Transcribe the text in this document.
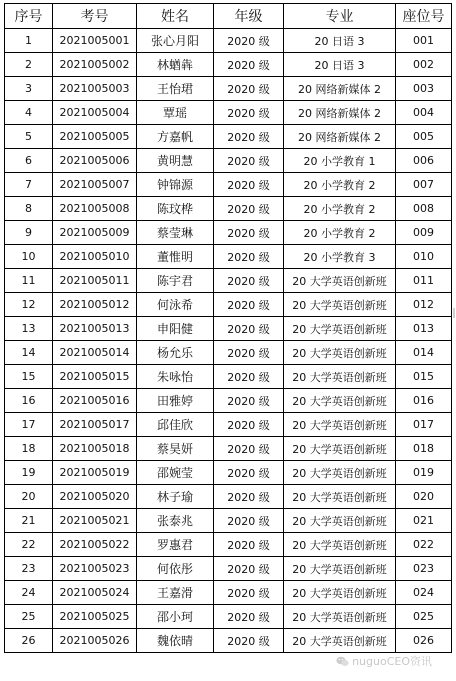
序号	考号	姓名	年级	专业	座位号
1	2021005001	张心月阳	2020 级	20 日语 3	001
2	2021005002	林蝤犇	2020 级	20 日语 3	002
3	2021005003	王怡珺	2020 级	20 网络新媒体 2	003
4	2021005004	覃瑶	2020 级	20 网络新媒体 2	004
5	2021005005	方嘉帆	2020 级	20 网络新媒体 2	005
6	2021005006	黄明慧	2020 级	20 小学教育 1	006
7	2021005007	钟锦源	2020 级	20 小学教育 2	007
8	2021005008	陈玟桦	2020 级	20 小学教育 2	008
9	2021005009	蔡莹琳	2020 级	20 小学教育 2	009
10	2021005010	董惟明	2020 级	20 小学教育 3	010
11	2021005011	陈宇君	2020 级	20 大学英语创新班	011
12	2021005012	何泳希	2020 级	20 大学英语创新班	012
13	2021005013	申阳健	2020 级	20 大学英语创新班	013
14	2021005014	杨允乐	2020 级	20 大学英语创新班	014
15	2021005015	朱咏怡	2020 级	20 大学英语创新班	015
16	2021005016	田雅婷	2020 级	20 大学英语创新班	016
17	2021005017	邱佳欣	2020 级	20 大学英语创新班	017
18	2021005018	蔡昊妍	2020 级	20 大学英语创新班	018
19	2021005019	邵婉莹	2020 级	20 大学英语创新班	019
20	2021005020	林子瑜	2020 级	20 大学英语创新班	020
21	2021005021	张泰兆	2020 级	20 大学英语创新班	021
22	2021005022	罗惠君	2020 级	20 大学英语创新班	022
23	2021005023	何依彤	2020 级	20 大学英语创新班	023
24	2021005024	王嘉滑	2020 级	20 大学英语创新班	024
25	2021005025	邵小珂	2020 级	20 大学英语创新班	025
26	2021005026	魏依晴	2020 级	20 大学英语创新班	026
nuguoCEO资讯
